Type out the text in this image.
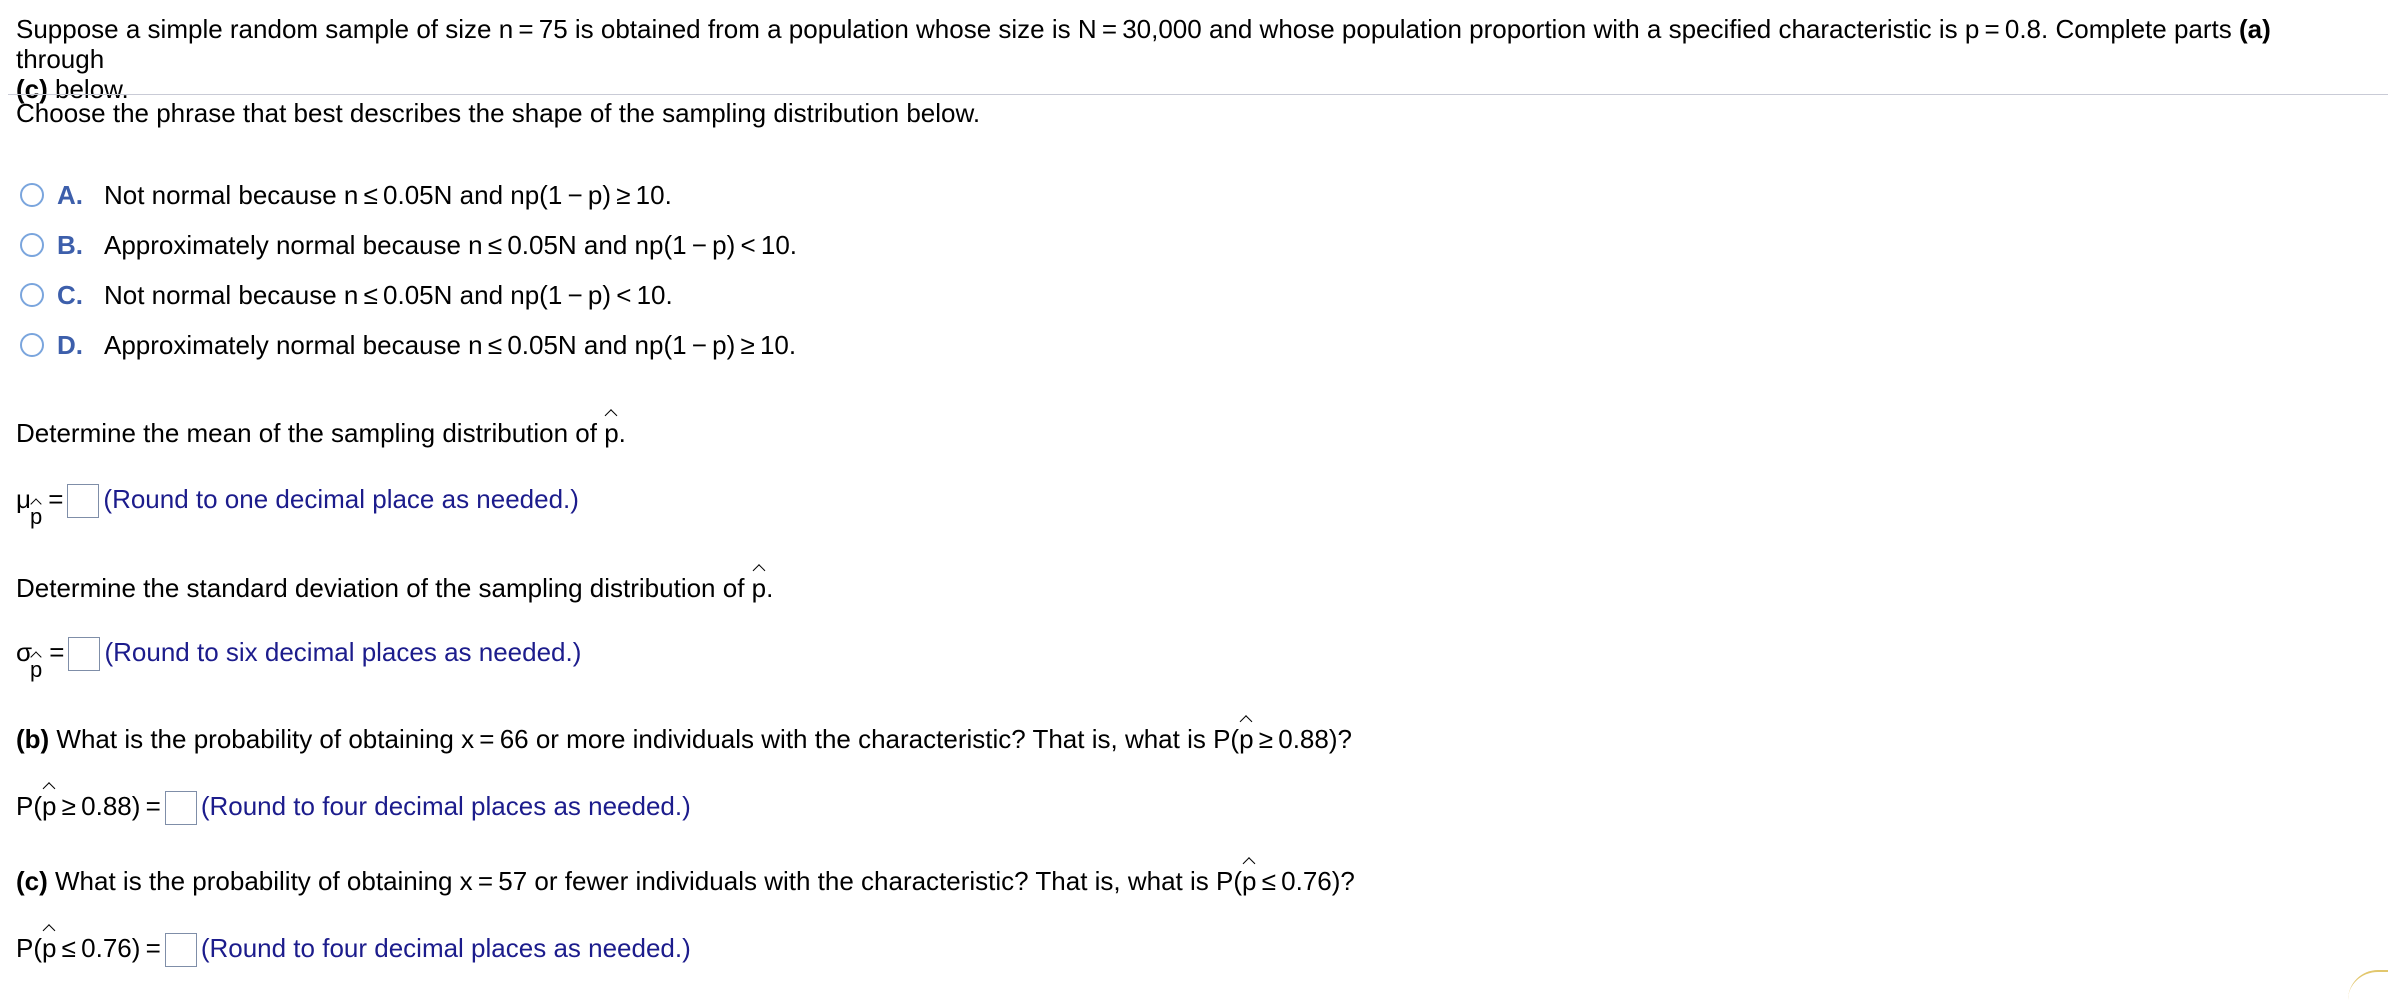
Suppose a simple random sample of size n = 75 is obtained from a population whose size is N = 30,000 and whose population proportion with a specified characteristic is p = 0.8. Complete parts (a) through
(c) below.
Choose the phrase that best describes the shape of the sampling distribution below.
A. Not normal because n ≤ 0.05N and np(1 − p) ≥ 10.
B. Approximately normal because n ≤ 0.05N and np(1 − p) < 10.
C. Not normal because n ≤ 0.05N and np(1 − p) < 10.
D. Approximately normal because n ≤ 0.05N and np(1 − p) ≥ 10.
Determine the mean of the sampling distribution of p.
μ
p
= (Round to one decimal place as needed.)
Determine the standard deviation of the sampling distribution of p.
σ
p
= (Round to six decimal places as needed.)
(b) What is the probability of obtaining x = 66 or more individuals with the characteristic? That is, what is P(p ≥ 0.88)?
P(p ≥ 0.88) = (Round to four decimal places as needed.)
(c) What is the probability of obtaining x = 57 or fewer individuals with the characteristic? That is, what is P(p ≤ 0.76)?
P(p ≤ 0.76) = (Round to four decimal places as needed.)
